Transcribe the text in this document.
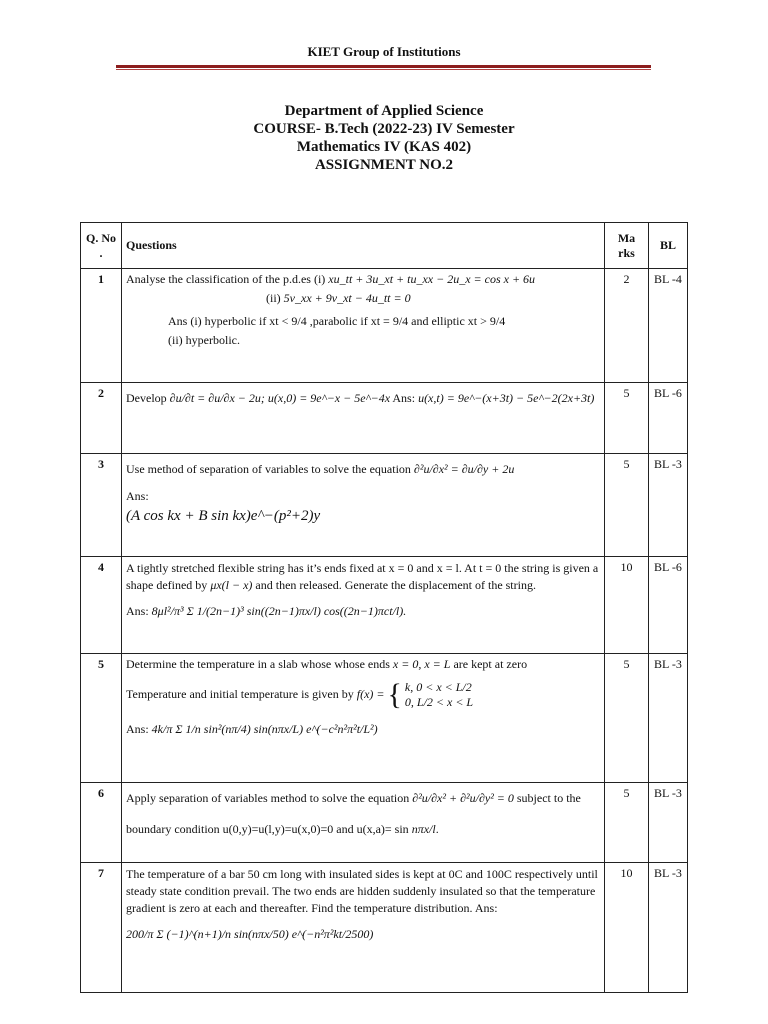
KIET Group of Institutions
Department of Applied Science
COURSE- B.Tech (2022-23) IV Semester
Mathematics IV (KAS 402)
ASSIGNMENT NO.2
Q. No .	Questions	Ma rks	BL
1	Analyse the classification of the p.d.es (i) xu_tt + 3u_xt + tu_xx − 2u_x = cos x + 6u

(ii) 5v_xx + 9v_xt − 4u_tt = 0

Ans (i) hyperbolic if xt < 9/4 ,parabolic if xt = 9/4 and elliptic xt > 9/4

(ii) hyperbolic.	2	BL -4
2	Develop ∂u/∂t = ∂u/∂x − 2u; u(x,0) = 9e^−x − 5e^−4x Ans: u(x,t) = 9e^−(x+3t) − 5e^−2(2x+3t)	5	BL -6
3	Use method of separation of variables to solve the equation ∂²u/∂x² = ∂u/∂y + 2u

Ans:

(A cos kx + B sin kx)e^−(p²+2)y	5	BL -3
4	A tightly stretched flexible string has it’s ends fixed at x = 0 and x = l. At t = 0 the string is given a shape defined by μx(l − x) and then released. Generate the displacement of the string.

Ans: 8μl²/π³ Σ 1/(2n−1)³ sin((2n−1)πx/l) cos((2n−1)πct/l).	10	BL -6
5	Determine the temperature in a slab whose whose ends x = 0, x = L are kept at zero

Temperature and initial temperature is given by f(x) = { k, 0 < x < L/2
0, L/2 < x < L

Ans: 4k/π Σ 1/n sin²(nπ/4) sin(nπx/L) e^(−c²n²π²t/L²)	5	BL -3
6	Apply separation of variables method to solve the equation ∂²u/∂x² + ∂²u/∂y² = 0 subject to the

boundary condition u(0,y)=u(l,y)=u(x,0)=0 and u(x,a)= sin nπx/l.	5	BL -3
7	The temperature of a bar 50 cm long with insulated sides is kept at 0C and 100C respectively until steady state condition prevail. The two ends are hidden suddenly insulated so that the temperature gradient is zero at each and thereafter. Find the temperature distribution. Ans:

200/π Σ (−1)^(n+1)/n sin(nπx/50) e^(−n²π²kt/2500)	10	BL -3
